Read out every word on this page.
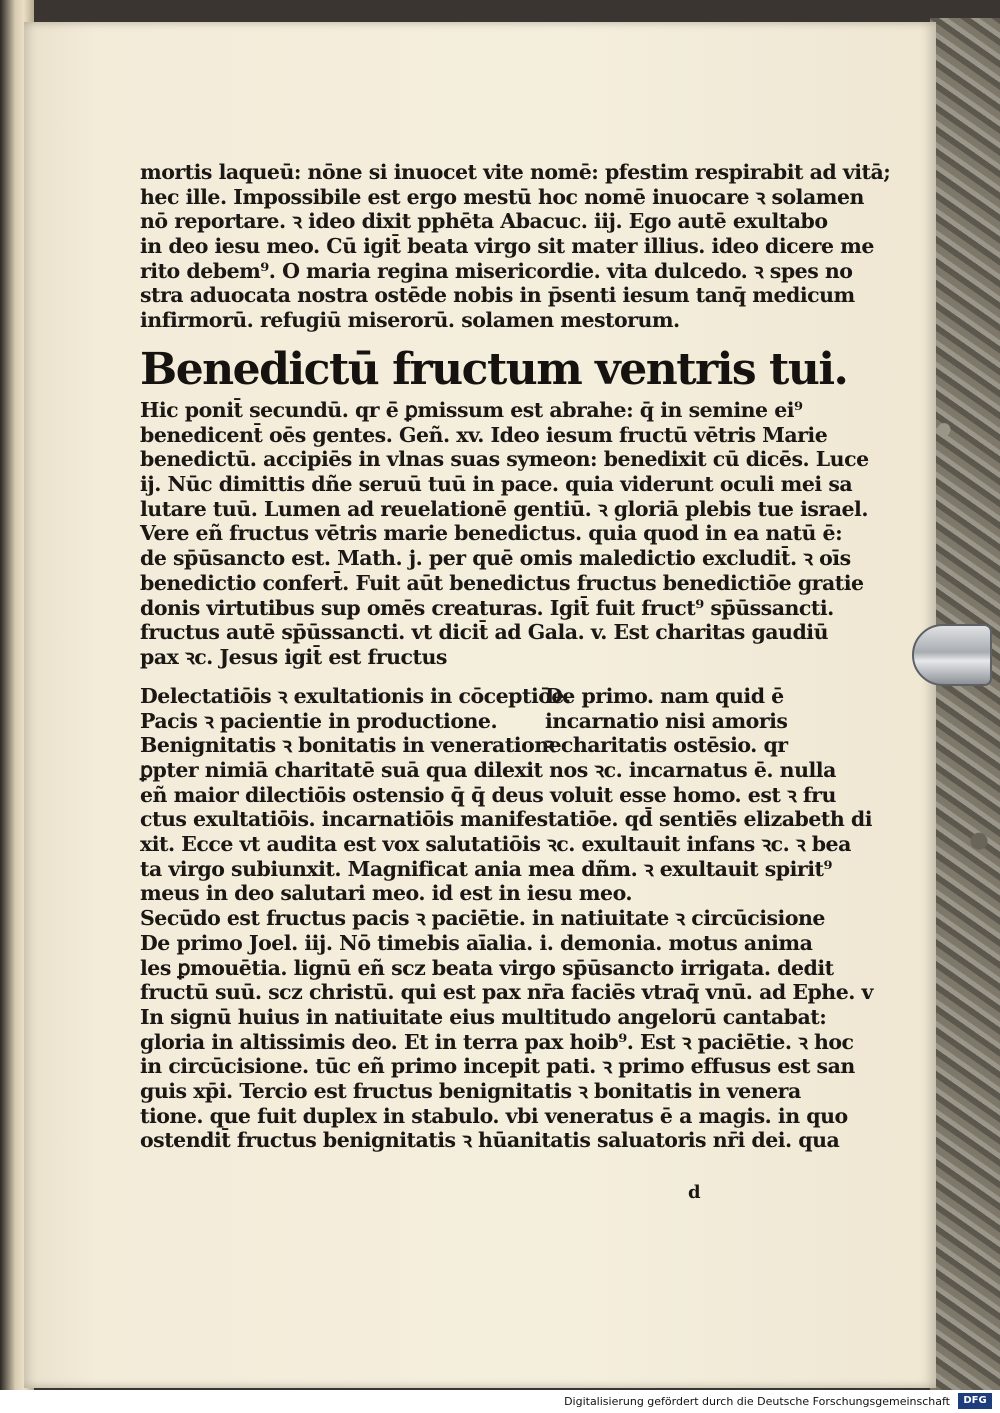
mortis laqueū: nōne si inuocet vite nomē: pfestim respirabit ad vitā;
hec ille. Impossibile est ergo mestū hoc nomē inuocare ꝛ solamen
nō reportare. ꝛ ideo dixit pphēta Abacuc. iij. Ego autē exultabo
in deo iesu meo. Cū igit̄ beata virgo sit mater illius. ideo dicere me
rito debem⁹. O maria regina misericordie. vita dulcedo. ꝛ spes no
stra aduocata nostra ostēde nobis in p̄senti iesum tanq̄ medicum
infirmorū. refugiū miserorū. solamen mestorum.
Benedictū fructum ventris tui.
Hic ponit̄ secundū. qr ē̄ ꝑmissum est abrahe: q̄ in semine ei⁹
benedicent̄ oēs gentes. Geñ. xv. Ideo iesum fructū vētris Marie
benedictū. accipiēs in vlnas suas symeon: benedixit cū dicēs. Luce
ij. Nūc dimittis dñe seruū tuū in pace. quia viderunt oculi mei sa
lutare tuū. Lumen ad reuelationē gentiū. ꝛ gloriā plebis tue israel.
Vere eñ fructus vētris marie benedictus. quia quod in ea natū ē:
de sp̄ūsancto est. Math. j. per quē omis maledictio excludit̄. ꝛ oīs
benedictio confert̄. Fuit aūt benedictus fructus benedictiōe gratie
donis virtutibus sup omēs creaturas. Igit̄ fuit fruct⁹ sp̄ūssancti.
fructus autē sp̄ūssancti. vt dicit̄ ad Gala. v. Est charitas gaudiū
pax ꝛc. Jesus igit̄ est fructus
Delectatiōis ꝛ exultationis in cōceptiōe.
Pacis ꝛ pacientie in productione.
Benignitatis ꝛ bonitatis in veneratione
De primo. nam quid ē
incarnatio nisi amoris
ꝛ charitatis ostēsio. qr
ꝑpter nimiā charitatē suā qua dilexit nos ꝛc. incarnatus ē. nulla
eñ maior dilectiōis ostensio q̄ q̄ deus voluit esse homo. est ꝛ fru
ctus exultatiōis. incarnatiōis manifestatiōe. qd̄ sentiēs elizabeth di
xit. Ecce vt audita est vox salutatiōis ꝛc. exultauit infans ꝛc. ꝛ bea
ta virgo subiunxit. Magnificat ania mea dñm. ꝛ exultauit spirit⁹
meus in deo salutari meo. id est in iesu meo.
Secūdo est fructus pacis ꝛ paciētie. in natiuitate ꝛ circūcisione
De primo Joel. iij. Nō timebis aīalia. i. demonia. motus anima
les ꝑmouētia. lignū eñ scz beata virgo sp̄ūsancto irrigata. dedit
fructū suū. scz christū. qui est pax nr̄a faciēs vtraq̄ vnū. ad Ephe. v
In signū huius in natiuitate eius multitudo angelorū cantabat:
gloria in altissimis deo. Et in terra pax hoib⁹. Est ꝛ paciētie. ꝛ hoc
in circūcisione. tūc eñ primo incepit pati. ꝛ primo effusus est san
guis xp̄i. Tercio est fructus benignitatis ꝛ bonitatis in venera
tione. que fuit duplex in stabulo. vbi veneratus ē a magis. in quo
ostendit̄ fructus benignitatis ꝛ hūanitatis saluatoris nr̄i dei. qua
d
Digitalisierung gefördert durch die Deutsche Forschungsgemeinschaft	DFG
